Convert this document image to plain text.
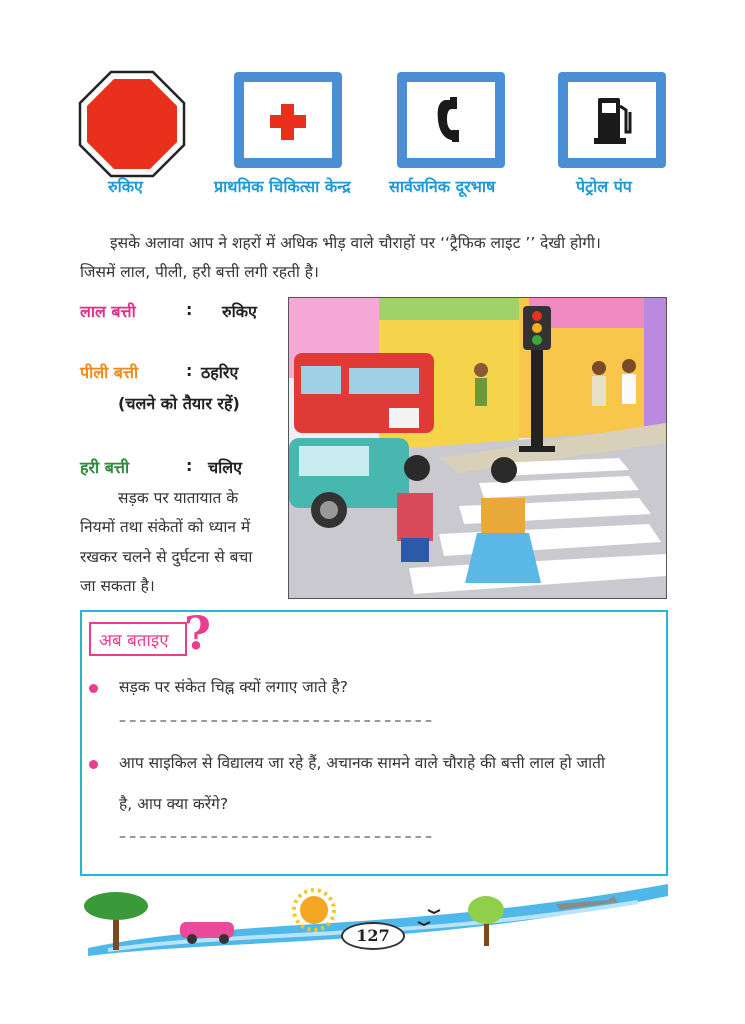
रुकिए	प्राथमिक चिकित्सा केन्द्र सार्वजनिक दूरभाष	पेट्रोल पंप
इसके अलावा आप ने शहरों में अधिक भीड़ वाले चौराहों पर ‘‘ट्रैफिक लाइट ’’ देखी होगी।
जिसमें लाल, पीली, हरी बत्ती लगी रहती है।
लाल बत्ती	: रुकिए
पीली बत्ती	: ठहरिए
(चलने को तैयार रहें)
हरी बत्ती	: चलिए
सड़क पर यातायात के
नियमों तथा संकेतों को ध्यान में
रखकर चलने से दुर्घटना से बचा
जा सकता है।
अब बताइए ?
सड़क पर संकेत चिह्न क्यों लगाए जाते है?
–––––––––––––––––––––––––––––––
आप साइकिल से विद्यालय जा रहे हैं, अचानक सामने वाले चौराहे की बत्ती लाल हो जाती
है, आप क्या करेंगे?
–––––––––––––––––––––––––––––––
127
